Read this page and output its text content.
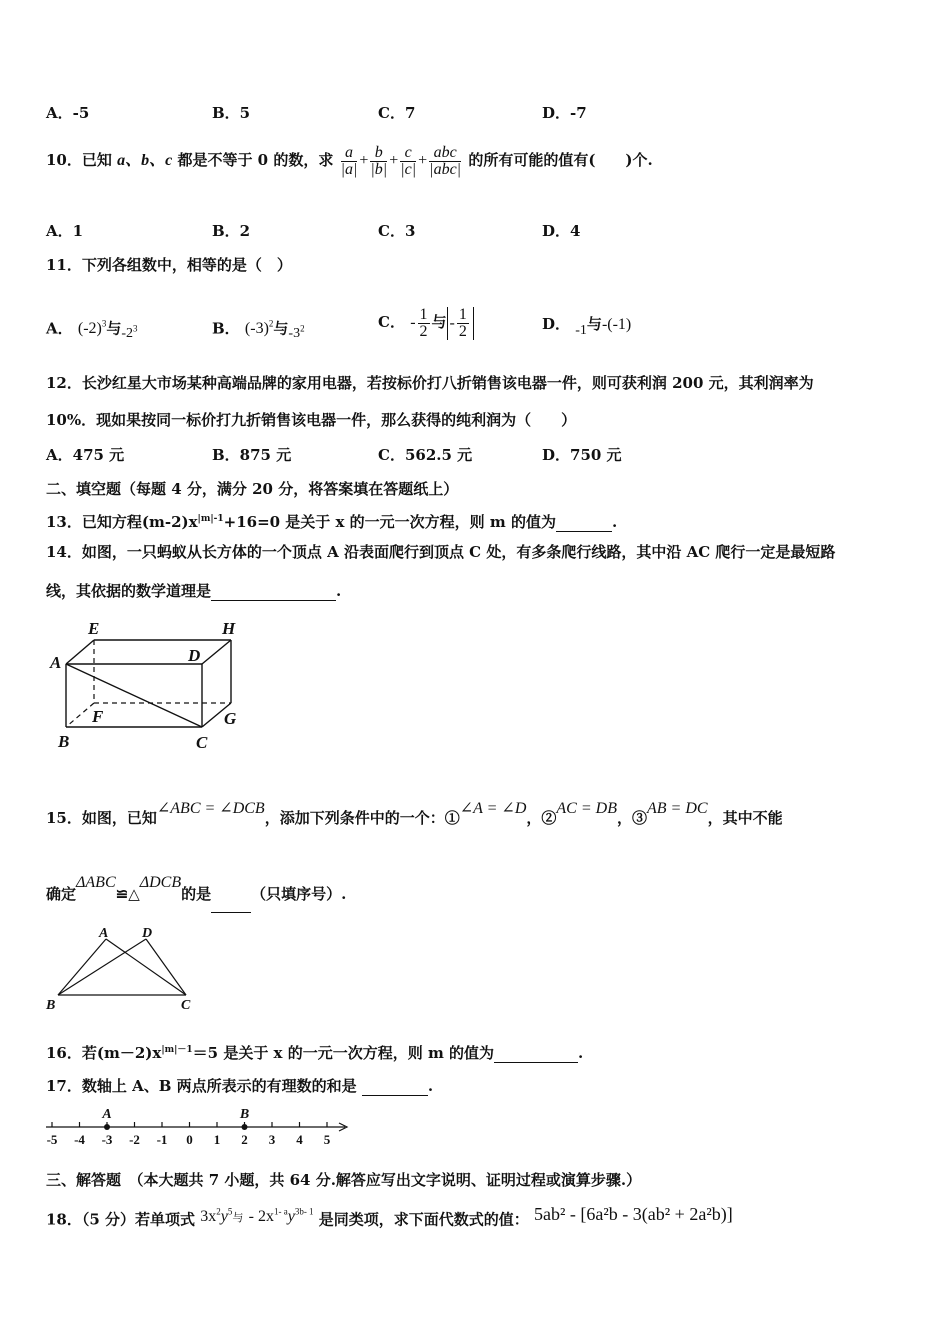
A．-5	B．5	C．7	D．-7
10．已知 a、b、c 都是不等于 0 的数，求 $\frac{a}{|a|} + \frac{b}{|b|} + \frac{c}{|c|} + \frac{\text{abc}}{\text{|abc|}}$ 的所有可能的值有(　　)个.
A．1	B．2	C．3	D．4
11．下列各组数中，相等的是（　）
A． $(-2)^3$与$-2^3$	B． $(-3)^2$与$-3^2$	C． - $\frac{1}{2}$ 与 - $\frac{1}{2}$	D． -1与-(-1)
12．长沙红星大市场某种高端品牌的家用电器，若按标价打八折销售该电器一件，则可获利润 200 元，其利润率为
10%．现如果按同一标价打九折销售该电器一件，那么获得的纯利润为（　　）
A．475 元	B．875 元	C．562.5 元	D．750 元
二、填空题（每题 4 分，满分 20 分，将答案填在答题纸上）
13．已知方程$(m-2)x^{|m|-1}+16=0$ 是关于 x 的一元一次方程，则 m 的值为	.
14．如图，一只蚂蚁从长方体的一个顶点 A 沿表面爬行到顶点 C 处，有多条爬行线路，其中沿 AC 爬行一定是最短路
线，其依据的数学道理是	.
E	H
A	D
F	G
B	C
15．如图，已知∠ABC = ∠DCB，添加下列条件中的一个：①∠A = ∠D，②AC = DB，③AB = DC，其中不能
确定ΔABC≌△ΔDCB的是	（只填序号）.
A D
B	C
16．若$(m-2)x^{|m|-1}=5$ 是关于 x 的一元一次方程，则 m 的值为	.
17．数轴上 A、B 两点所表示的有理数的和是	.
-5 -4 -3 -2 -1 0 1 2 3 4 5
A	B
三、解答题　（本大题共 7 小题，共 64 分.解答应写出文字说明、证明过程或演算步骤.）
18．（5 分）若单项式 $3x^2y^{5与} - 2x^{1- a}y^{3b- 1}$ 是同类项，求下面代数式的值： 5ab² - [6a²b - 3(ab² + 2a²b)]
